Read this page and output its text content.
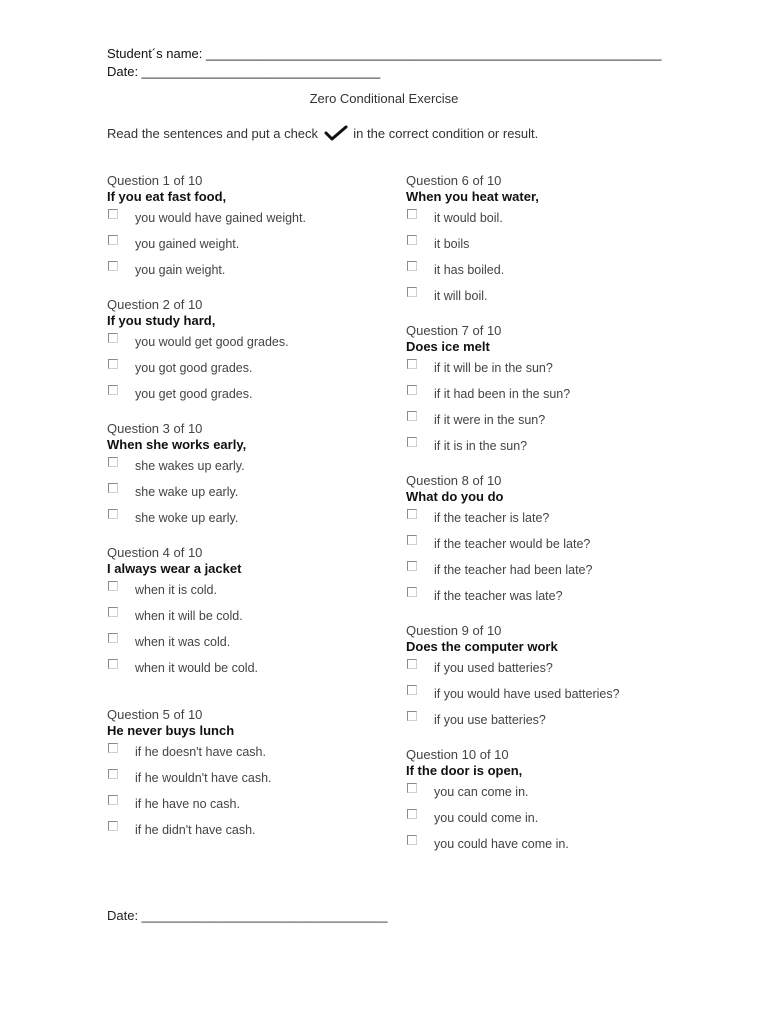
Student´s name: _______________________________________________________________
Date: _________________________________
Zero Conditional Exercise
Read the sentences and put a check	in the correct condition or result.
Question 1 of 10
If you eat fast food,
you would have gained weight.
you gained weight.
you gain weight.
Question 2 of 10
If you study hard,
you would get good grades.
you got good grades.
you get good grades.
Question 3 of 10
When she works early,
she wakes up early.
she wake up early.
she woke up early.
Question 4 of 10
I always wear a jacket
when it is cold.
when it will be cold.
when it was cold.
when it would be cold.
Question 5 of 10
He never buys lunch
if he doesn't have cash.
if he wouldn't have cash.
if he have no cash.
if he didn't have cash.
Question 6 of 10
When you heat water,
it would boil.
it boils
it has boiled.
it will boil.
Question 7 of 10
Does ice melt
if it will be in the sun?
if it had been in the sun?
if it were in the sun?
if it is in the sun?
Question 8 of 10
What do you do
if the teacher is late?
if the teacher would be late?
if the teacher had been late?
if the teacher was late?
Question 9 of 10
Does the computer work
if you used batteries?
if you would have used batteries?
if you use batteries?
Question 10 of 10
If the door is open,
you can come in.
you could come in.
you could have come in.
Date: __________________________________
